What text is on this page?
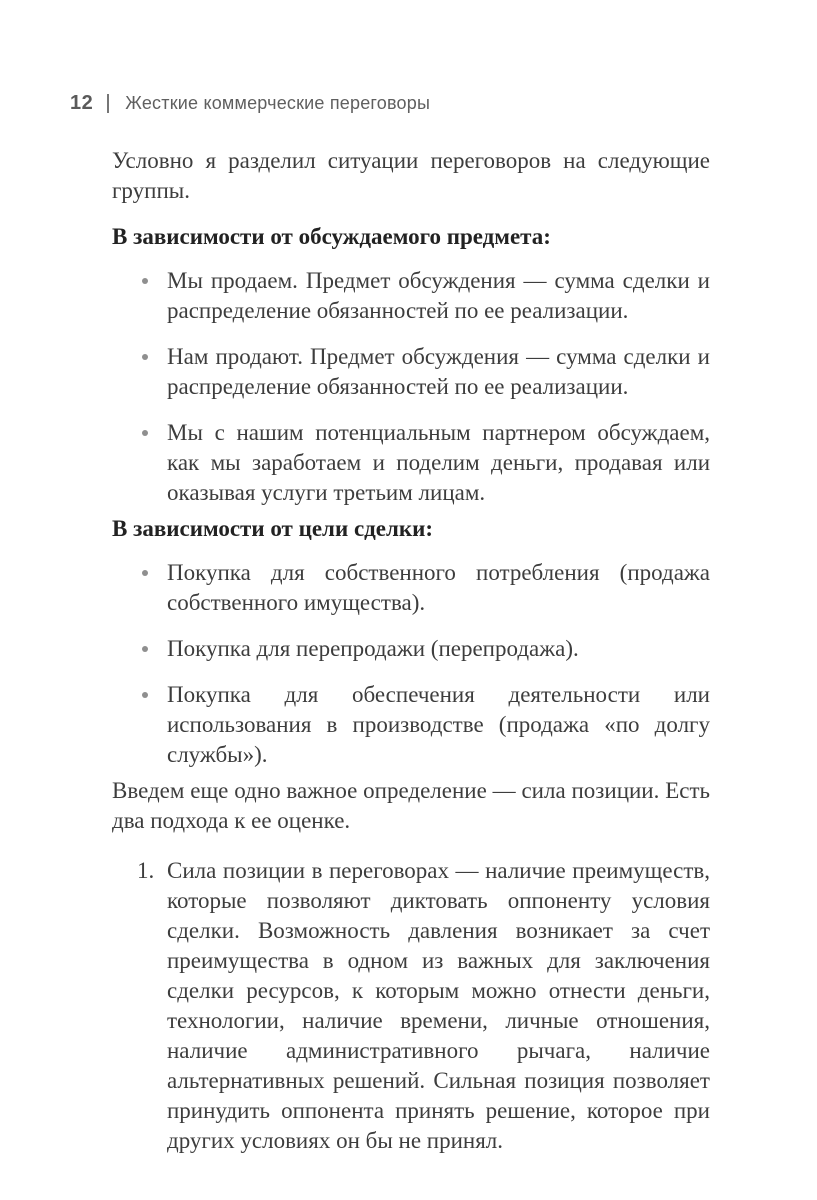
12 Жесткие коммерческие переговоры

Условно я разделил ситуации переговоров на следующие группы.

В зависимости от обсуждаемого предмета:
Мы продаем. Предмет обсуждения — сумма сделки и распределение обязанностей по ее реализации.
Нам продают. Предмет обсуждения — сумма сделки и распределение обязанностей по ее реализации.
Мы с нашим потенциальным партнером обсуждаем, как мы заработаем и поделим деньги, продавая или оказывая услуги третьим лицам.
В зависимости от цели сделки:
Покупка для собственного потребления (продажа собственного имущества).
Покупка для перепродажи (перепродажа).
Покупка для обеспечения деятельности или использования в производстве (продажа «по долгу службы»).

Введем еще одно важное определение — сила позиции. Есть два подхода к ее оценке.

1. Сила позиции в переговорах — наличие преимуществ, которые позволяют диктовать оппоненту условия сделки. Возможность давления возникает за счет преимущества в одном из важных для заключения сделки ресурсов, к которым можно отнести деньги, технологии, наличие времени, личные отношения, наличие административного рычага, наличие альтернативных решений. Сильная позиция позволяет принудить оппонента принять решение, которое при других условиях он бы не принял.
